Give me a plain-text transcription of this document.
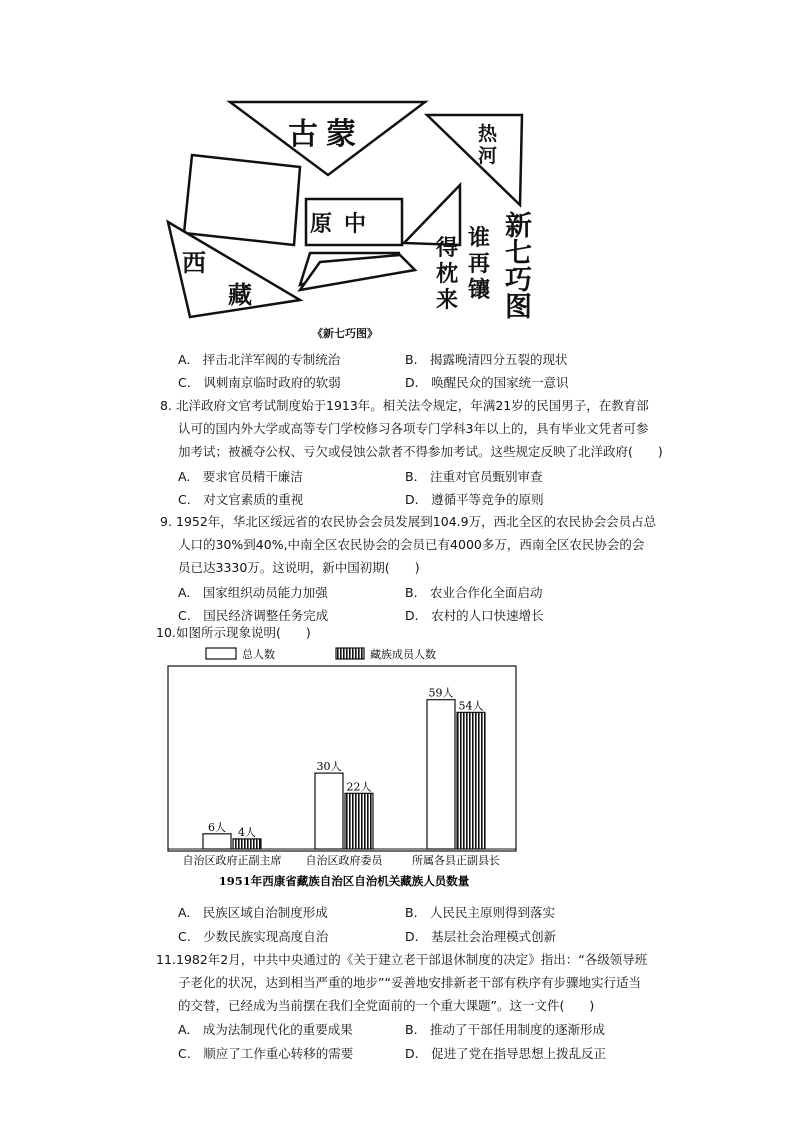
古蒙	热河
原中
西
藏
新七巧图
谁再镶
得枕来
《新七巧图》
A.　抨击北洋军阀的专制统治	B.　揭露晚清四分五裂的现状
C.　讽刺南京临时政府的软弱	D.　唤醒民众的国家统一意识
8. 北洋政府文官考试制度始于1913年。相关法令规定，年满21岁的民国男子，在教育部
认可的国内外大学或高等专门学校修习各项专门学科3年以上的，具有毕业文凭者可参
加考试；被褫夺公权、亏欠或侵蚀公款者不得参加考试。这些规定反映了北洋政府(　　)
A.　要求官员精干廉洁	B.　注重对官员甄别审查
C.　对文官素质的重视	D.　遵循平等竞争的原则
9. 1952年，华北区绥远省的农民协会会员发展到104.9万，西北全区的农民协会会员占总
人口的30%到40%,中南全区农民协会的会员已有4000多万，西南全区农民协会的会
员已达3330万。这说明，新中国初期(　　)
A.　国家组织动员能力加强	B.　农业合作化全面启动
C.　国民经济调整任务完成	D.　农村的人口快速增长
10. 如图所示现象说明(　　)
总人数	藏族成员人数
6人 4人
自治区政府正副主席
30人
22人
自治区政府委员
59人
54人
所属各县正副县长
1951年西康省藏族自治区自治机关藏族人员数量
A.　民族区域自治制度形成	B.　人民民主原则得到落实
C.　少数民族实现高度自治	D.　基层社会治理模式创新
11. 1982年2月，中共中央通过的《关于建立老干部退休制度的决定》指出：“各级领导班
子老化的状况，达到相当严重的地步”“妥善地安排新老干部有秩序有步骤地实行适当
的交替，已经成为当前摆在我们全党面前的一个重大课题”。这一文件(　　)
A.　成为法制现代化的重要成果	B.　推动了干部任用制度的逐渐形成
C.　顺应了工作重心转移的需要	D.　促进了党在指导思想上拨乱反正
